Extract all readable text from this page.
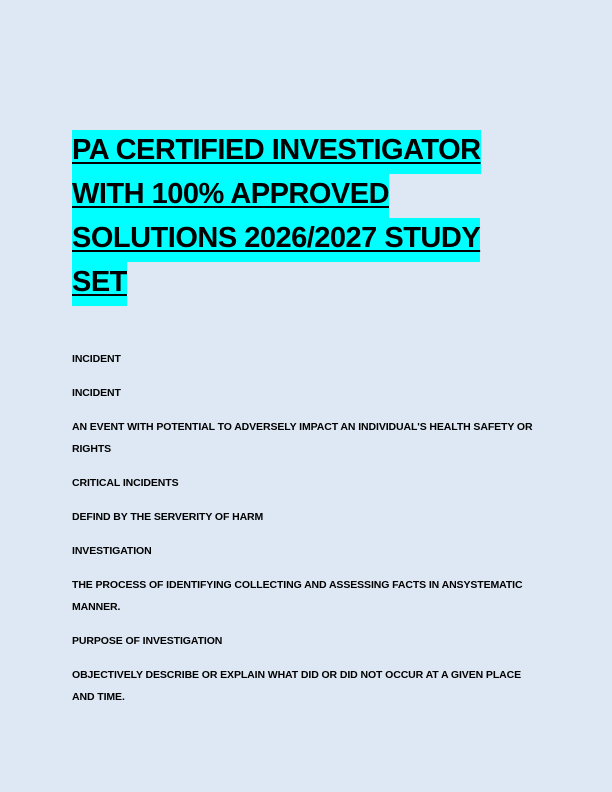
PA CERTIFIED INVESTIGATOR
WITH 100% APPROVED
SOLUTIONS 2026/2027 STUDY
SET

INCIDENT

INCIDENT

AN EVENT WITH POTENTIAL TO ADVERSELY IMPACT AN INDIVIDUAL'S HEALTH SAFETY OR RIGHTS

CRITICAL INCIDENTS

DEFIND BY THE SERVERITY OF HARM

INVESTIGATION

THE PROCESS OF IDENTIFYING COLLECTING AND ASSESSING FACTS IN ANSYSTEMATIC MANNER.

PURPOSE OF INVESTIGATION

OBJECTIVELY DESCRIBE OR EXPLAIN WHAT DID OR DID NOT OCCUR AT A GIVEN PLACE AND TIME.
